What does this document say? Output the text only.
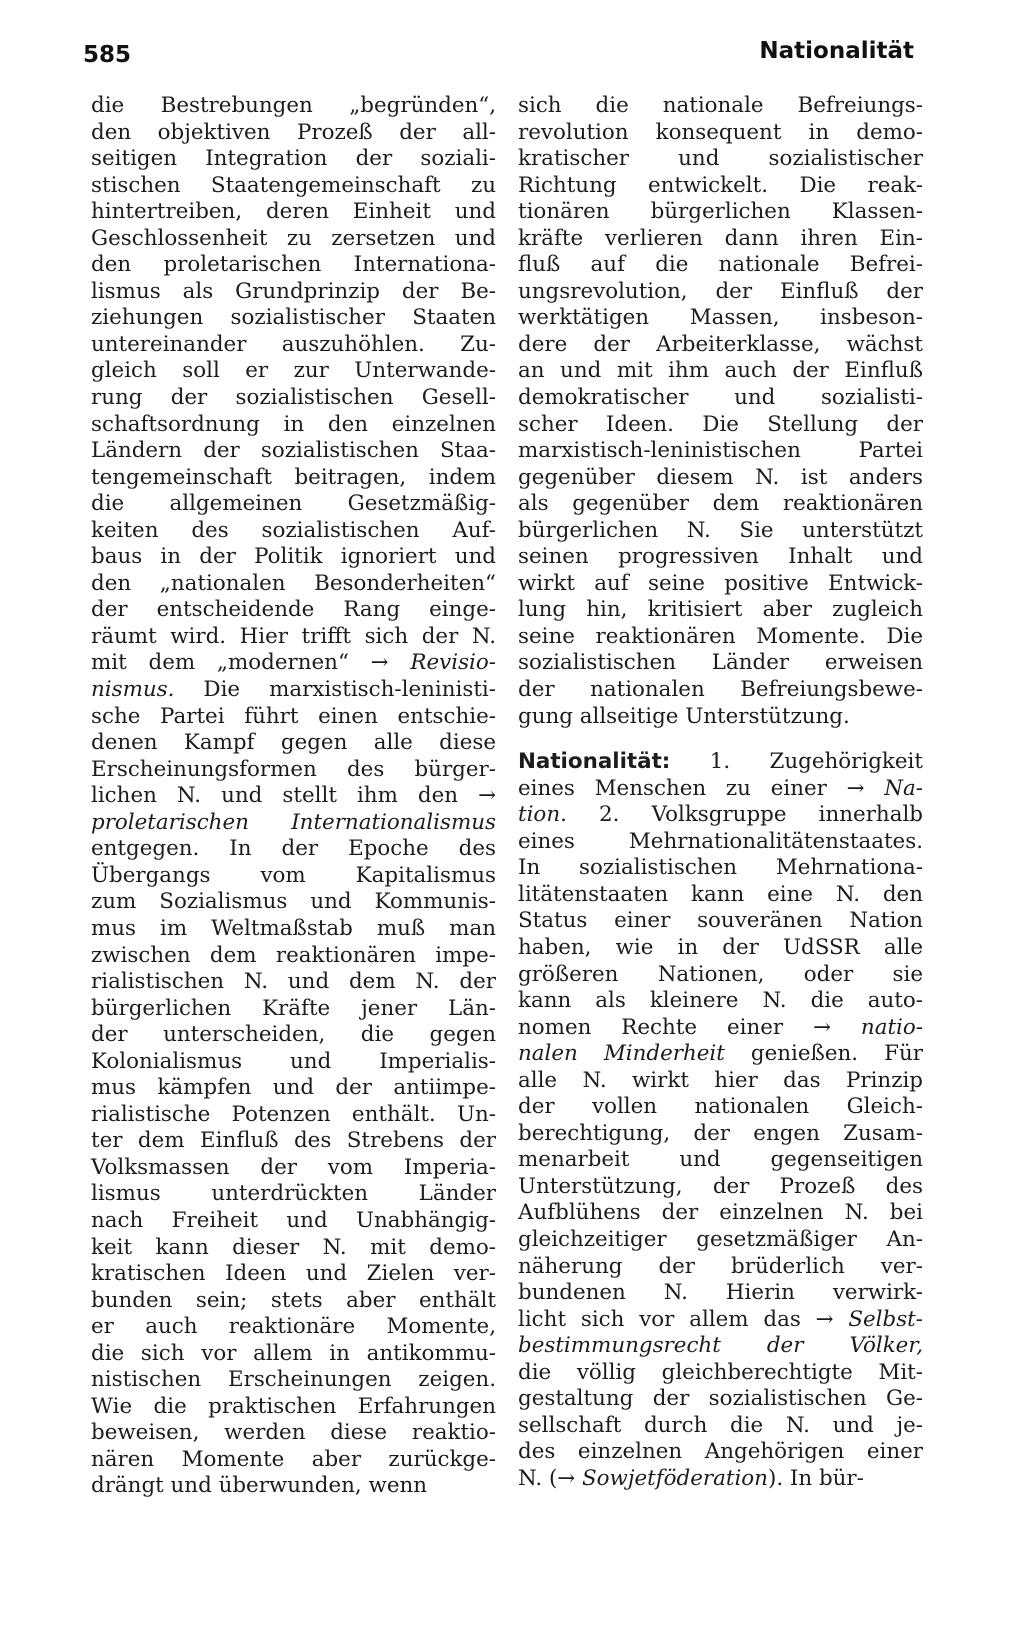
585	Nationalität
die Bestrebungen „begründen“,
den objektiven Prozeß der all-
seitigen Integration der soziali-
stischen Staatengemeinschaft zu
hintertreiben, deren Einheit und
Geschlossenheit zu zersetzen und
den proletarischen Internationa-
lismus als Grundprinzip der Be-
ziehungen sozialistischer Staaten
untereinander auszuhöhlen. Zu-
gleich soll er zur Unterwande-
rung der sozialistischen Gesell-
schaftsordnung in den einzelnen
Ländern der sozialistischen Staa-
tengemeinschaft beitragen, indem
die allgemeinen Gesetzmäßig-
keiten des sozialistischen Auf-
baus in der Politik ignoriert und
den „nationalen Besonderheiten“
der entscheidende Rang einge-
räumt wird. Hier trifft sich der N.
mit dem „modernen“ → Revisio-
nismus. Die marxistisch-leninisti-
sche Partei führt einen entschie-
denen Kampf gegen alle diese
Erscheinungsformen des bürger-
lichen N. und stellt ihm den →
proletarischen Internationalismus
entgegen. In der Epoche des
Übergangs vom Kapitalismus
zum Sozialismus und Kommunis-
mus im Weltmaßstab muß man
zwischen dem reaktionären impe-
rialistischen N. und dem N. der
bürgerlichen Kräfte jener Län-
der unterscheiden, die gegen
Kolonialismus und Imperialis-
mus kämpfen und der antiimpe-
rialistische Potenzen enthält. Un-
ter dem Einfluß des Strebens der
Volksmassen der vom Imperia-
lismus unterdrückten Länder
nach Freiheit und Unabhängig-
keit kann dieser N. mit demo-
kratischen Ideen und Zielen ver-
bunden sein; stets aber enthält
er auch reaktionäre Momente,
die sich vor allem in antikommu-
nistischen Erscheinungen zeigen.
Wie die praktischen Erfahrungen
beweisen, werden diese reaktio-
nären Momente aber zurückge-
drängt und überwunden, wenn
sich die nationale Befreiungs-
revolution konsequent in demo-
kratischer und sozialistischer
Richtung entwickelt. Die reak-
tionären bürgerlichen Klassen-
kräfte verlieren dann ihren Ein-
fluß auf die nationale Befrei-
ungsrevolution, der Einfluß der
werktätigen Massen, insbeson-
dere der Arbeiterklasse, wächst
an und mit ihm auch der Einfluß
demokratischer und sozialisti-
scher Ideen. Die Stellung der
marxistisch-leninistischen Partei
gegenüber diesem N. ist anders
als gegenüber dem reaktionären
bürgerlichen N. Sie unterstützt
seinen progressiven Inhalt und
wirkt auf seine positive Entwick-
lung hin, kritisiert aber zugleich
seine reaktionären Momente. Die
sozialistischen Länder erweisen
der nationalen Befreiungsbewe-
gung allseitige Unterstützung.
Nationalität: 1. Zugehörigkeit
eines Menschen zu einer → Na-
tion. 2. Volksgruppe innerhalb
eines Mehrnationalitätenstaates.
In sozialistischen Mehrnationa-
litätenstaaten kann eine N. den
Status einer souveränen Nation
haben, wie in der UdSSR alle
größeren Nationen, oder sie
kann als kleinere N. die auto-
nomen Rechte einer → natio-
nalen Minderheit genießen. Für
alle N. wirkt hier das Prinzip
der vollen nationalen Gleich-
berechtigung, der engen Zusam-
menarbeit und gegenseitigen
Unterstützung, der Prozeß des
Aufblühens der einzelnen N. bei
gleichzeitiger gesetzmäßiger An-
näherung der brüderlich ver-
bundenen N. Hierin verwirk-
licht sich vor allem das → Selbst-
bestimmungsrecht der Völker,
die völlig gleichberechtigte Mit-
gestaltung der sozialistischen Ge-
sellschaft durch die N. und je-
des einzelnen Angehörigen einer
N. (→ Sowjetföderation). In bür-
